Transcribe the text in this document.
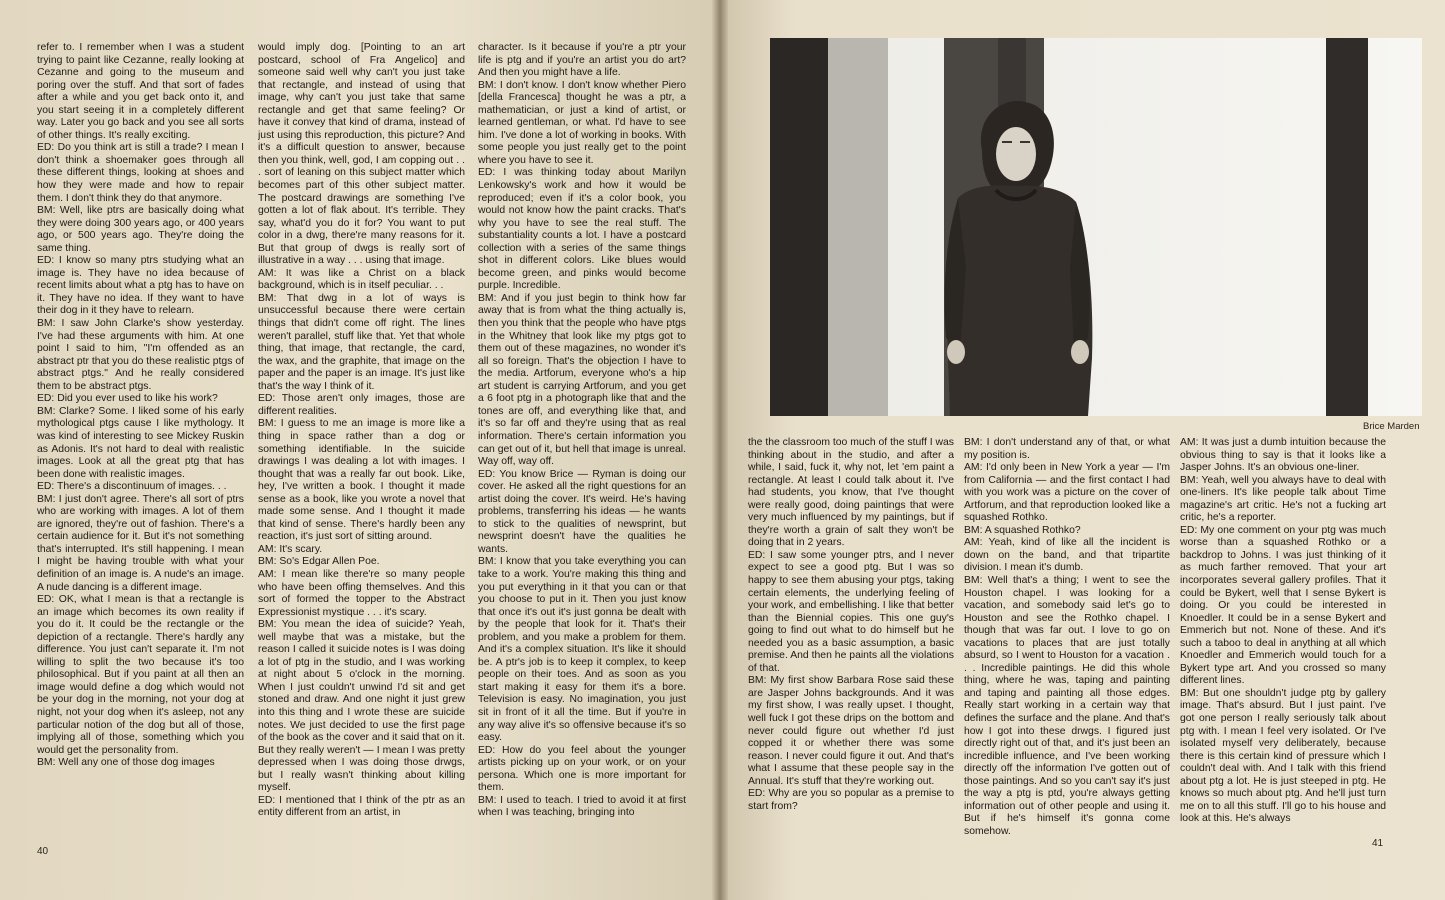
refer to. I remember when I was a student trying to paint like Cezanne, really looking at Cezanne and going to the museum and poring over the stuff. And that sort of fades after a while and you get back onto it, and you start seeing it in a completely different way. Later you go back and you see all sorts of other things. It's really exciting.
ED: Do you think art is still a trade? I mean I don't think a shoemaker goes through all these different things, looking at shoes and how they were made and how to repair them. I don't think they do that anymore.
BM: Well, like ptrs are basically doing what they were doing 300 years ago, or 400 years ago, or 500 years ago. They're doing the same thing.
ED: I know so many ptrs studying what an image is. They have no idea because of recent limits about what a ptg has to have on it. They have no idea. If they want to have their dog in it they have to relearn.
BM: I saw John Clarke's show yesterday. I've had these arguments with him. At one point I said to him, "I'm offended as an abstract ptr that you do these realistic ptgs of abstract ptgs." And he really considered them to be abstract ptgs.
ED: Did you ever used to like his work?
BM: Clarke? Some. I liked some of his early mythological ptgs cause I like mythology. It was kind of interesting to see Mickey Ruskin as Adonis. It's not hard to deal with realistic images. Look at all the great ptg that has been done with realistic images.
ED: There's a discontinuum of images. . .
BM: I just don't agree. There's all sort of ptrs who are working with images. A lot of them are ignored, they're out of fashion. There's a certain audience for it. But it's not something that's interrupted. It's still happening. I mean I might be having trouble with what your definition of an image is. A nude's an image. A nude dancing is a different image.
ED: OK, what I mean is that a rectangle is an image which becomes its own reality if you do it. It could be the rectangle or the depiction of a rectangle. There's hardly any difference. You just can't separate it. I'm not willing to split the two because it's too philosophical. But if you paint at all then an image would define a dog which would not be your dog in the morning, not your dog at night, not your dog when it's asleep, not any particular notion of the dog but all of those, implying all of those, something which you would get the personality from.
BM: Well any one of those dog images
would imply dog. [Pointing to an art postcard, school of Fra Angelico] and someone said well why can't you just take that rectangle, and instead of using that image, why can't you just take that same rectangle and get that same feeling? Or have it convey that kind of drama, instead of just using this reproduction, this picture? And it's a difficult question to answer, because then you think, well, god, I am copping out . . . sort of leaning on this subject matter which becomes part of this other subject matter. The postcard drawings are something I've gotten a lot of flak about. It's terrible. They say, what'd you do it for? You want to put color in a dwg, there're many reasons for it. But that group of dwgs is really sort of illustrative in a way . . . using that image.
AM: It was like a Christ on a black background, which is in itself peculiar. . .
BM: That dwg in a lot of ways is unsuccessful because there were certain things that didn't come off right. The lines weren't parallel, stuff like that. Yet that whole thing, that image, that rectangle, the card, the wax, and the graphite, that image on the paper and the paper is an image. It's just like that's the way I think of it.
ED: Those aren't only images, those are different realities.
BM: I guess to me an image is more like a thing in space rather than a dog or something identifiable. In the suicide drawings I was dealing a lot with images. I thought that was a really far out book. Like, hey, I've written a book. I thought it made sense as a book, like you wrote a novel that made some sense. And I thought it made that kind of sense. There's hardly been any reaction, it's just sort of sitting around.
AM: It's scary.
BM: So's Edgar Allen Poe.
AM: I mean like there're so many people who have been offing themselves. And this sort of formed the topper to the Abstract Expressionist mystique . . . it's scary.
BM: You mean the idea of suicide? Yeah, well maybe that was a mistake, but the reason I called it suicide notes is I was doing a lot of ptg in the studio, and I was working at night about 5 o'clock in the morning. When I just couldn't unwind I'd sit and get stoned and draw. And one night it just grew into this thing and I wrote these are suicide notes. We just decided to use the first page of the book as the cover and it said that on it. But they really weren't — I mean I was pretty depressed when I was doing those drwgs, but I really wasn't thinking about killing myself.
ED: I mentioned that I think of the ptr as an entity different from an artist, in
character. Is it because if you're a ptr your life is ptg and if you're an artist you do art? And then you might have a life.
BM: I don't know. I don't know whether Piero [della Francesca] thought he was a ptr, a mathematician, or just a kind of artist, or learned gentleman, or what. I'd have to see him. I've done a lot of working in books. With some people you just really get to the point where you have to see it.
ED: I was thinking today about Marilyn Lenkowsky's work and how it would be reproduced; even if it's a color book, you would not know how the paint cracks. That's why you have to see the real stuff. The substantiality counts a lot. I have a postcard collection with a series of the same things shot in different colors. Like blues would become green, and pinks would become purple. Incredible.
BM: And if you just begin to think how far away that is from what the thing actually is, then you think that the people who have ptgs in the Whitney that look like my ptgs got to them out of these magazines, no wonder it's all so foreign. That's the objection I have to the media. Artforum, everyone who's a hip art student is carrying Artforum, and you get a 6 foot ptg in a photograph like that and the tones are off, and everything like that, and it's so far off and they're using that as real information. There's certain information you can get out of it, but hell that image is unreal. Way off, way off.
ED: You know Brice — Ryman is doing our cover. He asked all the right questions for an artist doing the cover. It's weird. He's having problems, transferring his ideas — he wants to stick to the qualities of newsprint, but newsprint doesn't have the qualities he wants.
BM: I know that you take everything you can take to a work. You're making this thing and you put everything in it that you can or that you choose to put in it. Then you just know that once it's out it's just gonna be dealt with by the people that look for it. That's their problem, and you make a problem for them. And it's a complex situation. It's like it should be. A ptr's job is to keep it complex, to keep people on their toes. And as soon as you start making it easy for them it's a bore. Television is easy. No imagination, you just sit in front of it all the time. But if you're in any way alive it's so offensive because it's so easy.
ED: How do you feel about the younger artists picking up on your work, or on your persona. Which one is more important for them.
BM: I used to teach. I tried to avoid it at first when I was teaching, bringing into
40
Brice Marden
the the classroom too much of the stuff I was thinking about in the studio, and after a while, I said, fuck it, why not, let 'em paint a rectangle. At least I could talk about it. I've had students, you know, that I've thought were really good, doing paintings that were very much influenced by my paintings, but if they're worth a grain of salt they won't be doing that in 2 years.
ED: I saw some younger ptrs, and I never expect to see a good ptg. But I was so happy to see them abusing your ptgs, taking certain elements, the underlying feeling of your work, and embellishing. I like that better than the Biennial copies. This one guy's going to find out what to do himself but he needed you as a basic assumption, a basic premise. And then he paints all the violations of that.
BM: My first show Barbara Rose said these are Jasper Johns backgrounds. And it was my first show, I was really upset. I thought, well fuck I got these drips on the bottom and never could figure out whether I'd just copped it or whether there was some reason. I never could figure it out. And that's what I assume that these people say in the Annual. It's stuff that they're working out.
ED: Why are you so popular as a premise to start from?
BM: I don't understand any of that, or what my position is.
AM: I'd only been in New York a year — I'm from California — and the first contact I had with you work was a picture on the cover of Artforum, and that reproduction looked like a squashed Rothko.
BM: A squashed Rothko?
AM: Yeah, kind of like all the incident is down on the band, and that tripartite division. I mean it's dumb.
BM: Well that's a thing; I went to see the Houston chapel. I was looking for a vacation, and somebody said let's go to Houston and see the Rothko chapel. I though that was far out. I love to go on vacations to places that are just totally absurd, so I went to Houston for a vacation . . . Incredible paintings. He did this whole thing, where he was, taping and painting and taping and painting all those edges. Really start working in a certain way that defines the surface and the plane. And that's how I got into these drwgs. I figured just directly right out of that, and it's just been an incredible influence, and I've been working directly off the information I've gotten out of those paintings. And so you can't say it's just the way a ptg is ptd, you're always getting information out of other people and using it. But if he's himself it's gonna come somehow.
AM: It was just a dumb intuition because the obvious thing to say is that it looks like a Jasper Johns. It's an obvious one-liner.
BM: Yeah, well you always have to deal with one-liners. It's like people talk about Time magazine's art critic. He's not a fucking art critic, he's a reporter.
ED: My one comment on your ptg was much worse than a squashed Rothko or a backdrop to Johns. I was just thinking of it as much farther removed. That your art incorporates several gallery profiles. That it could be Bykert, well that I sense Bykert is doing. Or you could be interested in Knoedler. It could be in a sense Bykert and Emmerich but not. None of these. And it's such a taboo to deal in anything at all which Knoedler and Emmerich would touch for a Bykert type art. And you crossed so many different lines.
BM: But one shouldn't judge ptg by gallery image. That's absurd. But I just paint. I've got one person I really seriously talk about ptg with. I mean I feel very isolated. Or I've isolated myself very deliberately, because there is this certain kind of pressure which I couldn't deal with. And I talk with this friend about ptg a lot. He is just steeped in ptg. He knows so much about ptg. And he'll just turn me on to all this stuff. I'll go to his house and look at this. He's always
41
